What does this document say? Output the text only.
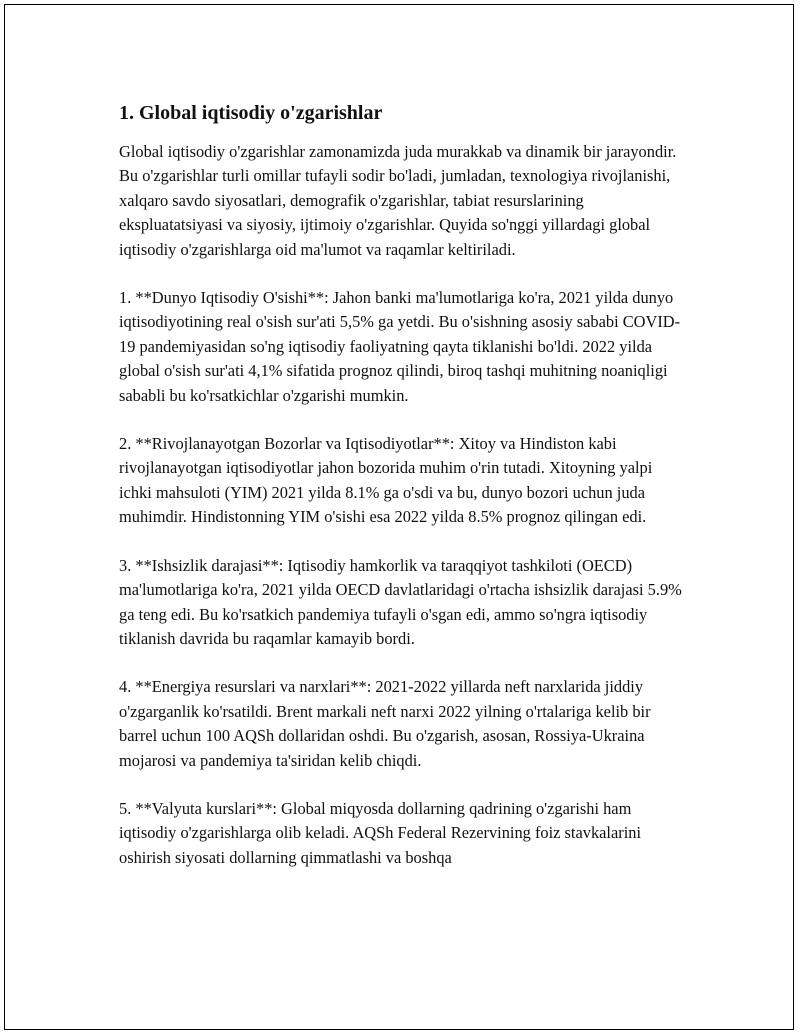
1. Global iqtisodiy o'zgarishlar

Global iqtisodiy o'zgarishlar zamonamizda juda murakkab va dinamik bir jarayondir. Bu o'zgarishlar turli omillar tufayli sodir bo'ladi, jumladan, texnologiya rivojlanishi, xalqaro savdo siyosatlari, demografik o'zgarishlar, tabiat resurslarining ekspluatatsiyasi va siyosiy, ijtimoiy o'zgarishlar. Quyida so'nggi yillardagi global iqtisodiy o'zgarishlarga oid ma'lumot va raqamlar keltiriladi.

1. **Dunyo Iqtisodiy O'sishi**: Jahon banki ma'lumotlariga ko'ra, 2021 yilda dunyo iqtisodiyotining real o'sish sur'ati 5,5% ga yetdi. Bu o'sishning asosiy sababi COVID-19 pandemiyasidan so'ng iqtisodiy faoliyatning qayta tiklanishi bo'ldi. 2022 yilda global o'sish sur'ati 4,1% sifatida prognoz qilindi, biroq tashqi muhitning noaniqligi sababli bu ko'rsatkichlar o'zgarishi mumkin.

2. **Rivojlanayotgan Bozorlar va Iqtisodiyotlar**: Xitoy va Hindiston kabi rivojlanayotgan iqtisodiyotlar jahon bozorida muhim o'rin tutadi. Xitoyning yalpi ichki mahsuloti (YIM) 2021 yilda 8.1% ga o'sdi va bu, dunyo bozori uchun juda muhimdir. Hindistonning YIM o'sishi esa 2022 yilda 8.5% prognoz qilingan edi.

3. **Ishsizlik darajasi**: Iqtisodiy hamkorlik va taraqqiyot tashkiloti (OECD) ma'lumotlariga ko'ra, 2021 yilda OECD davlatlaridagi o'rtacha ishsizlik darajasi 5.9% ga teng edi. Bu ko'rsatkich pandemiya tufayli o'sgan edi, ammo so'ngra iqtisodiy tiklanish davrida bu raqamlar kamayib bordi.

4. **Energiya resurslari va narxlari**: 2021-2022 yillarda neft narxlarida jiddiy o'zgarganlik ko'rsatildi. Brent markali neft narxi 2022 yilning o'rtalariga kelib bir barrel uchun 100 AQSh dollaridan oshdi. Bu o'zgarish, asosan, Rossiya-Ukraina mojarosi va pandemiya ta'siridan kelib chiqdi.

5. **Valyuta kurslari**: Global miqyosda dollarning qadrining o'zgarishi ham iqtisodiy o'zgarishlarga olib keladi. AQSh Federal Rezervining foiz stavkalarini oshirish siyosati dollarning qimmatlashi va boshqa
